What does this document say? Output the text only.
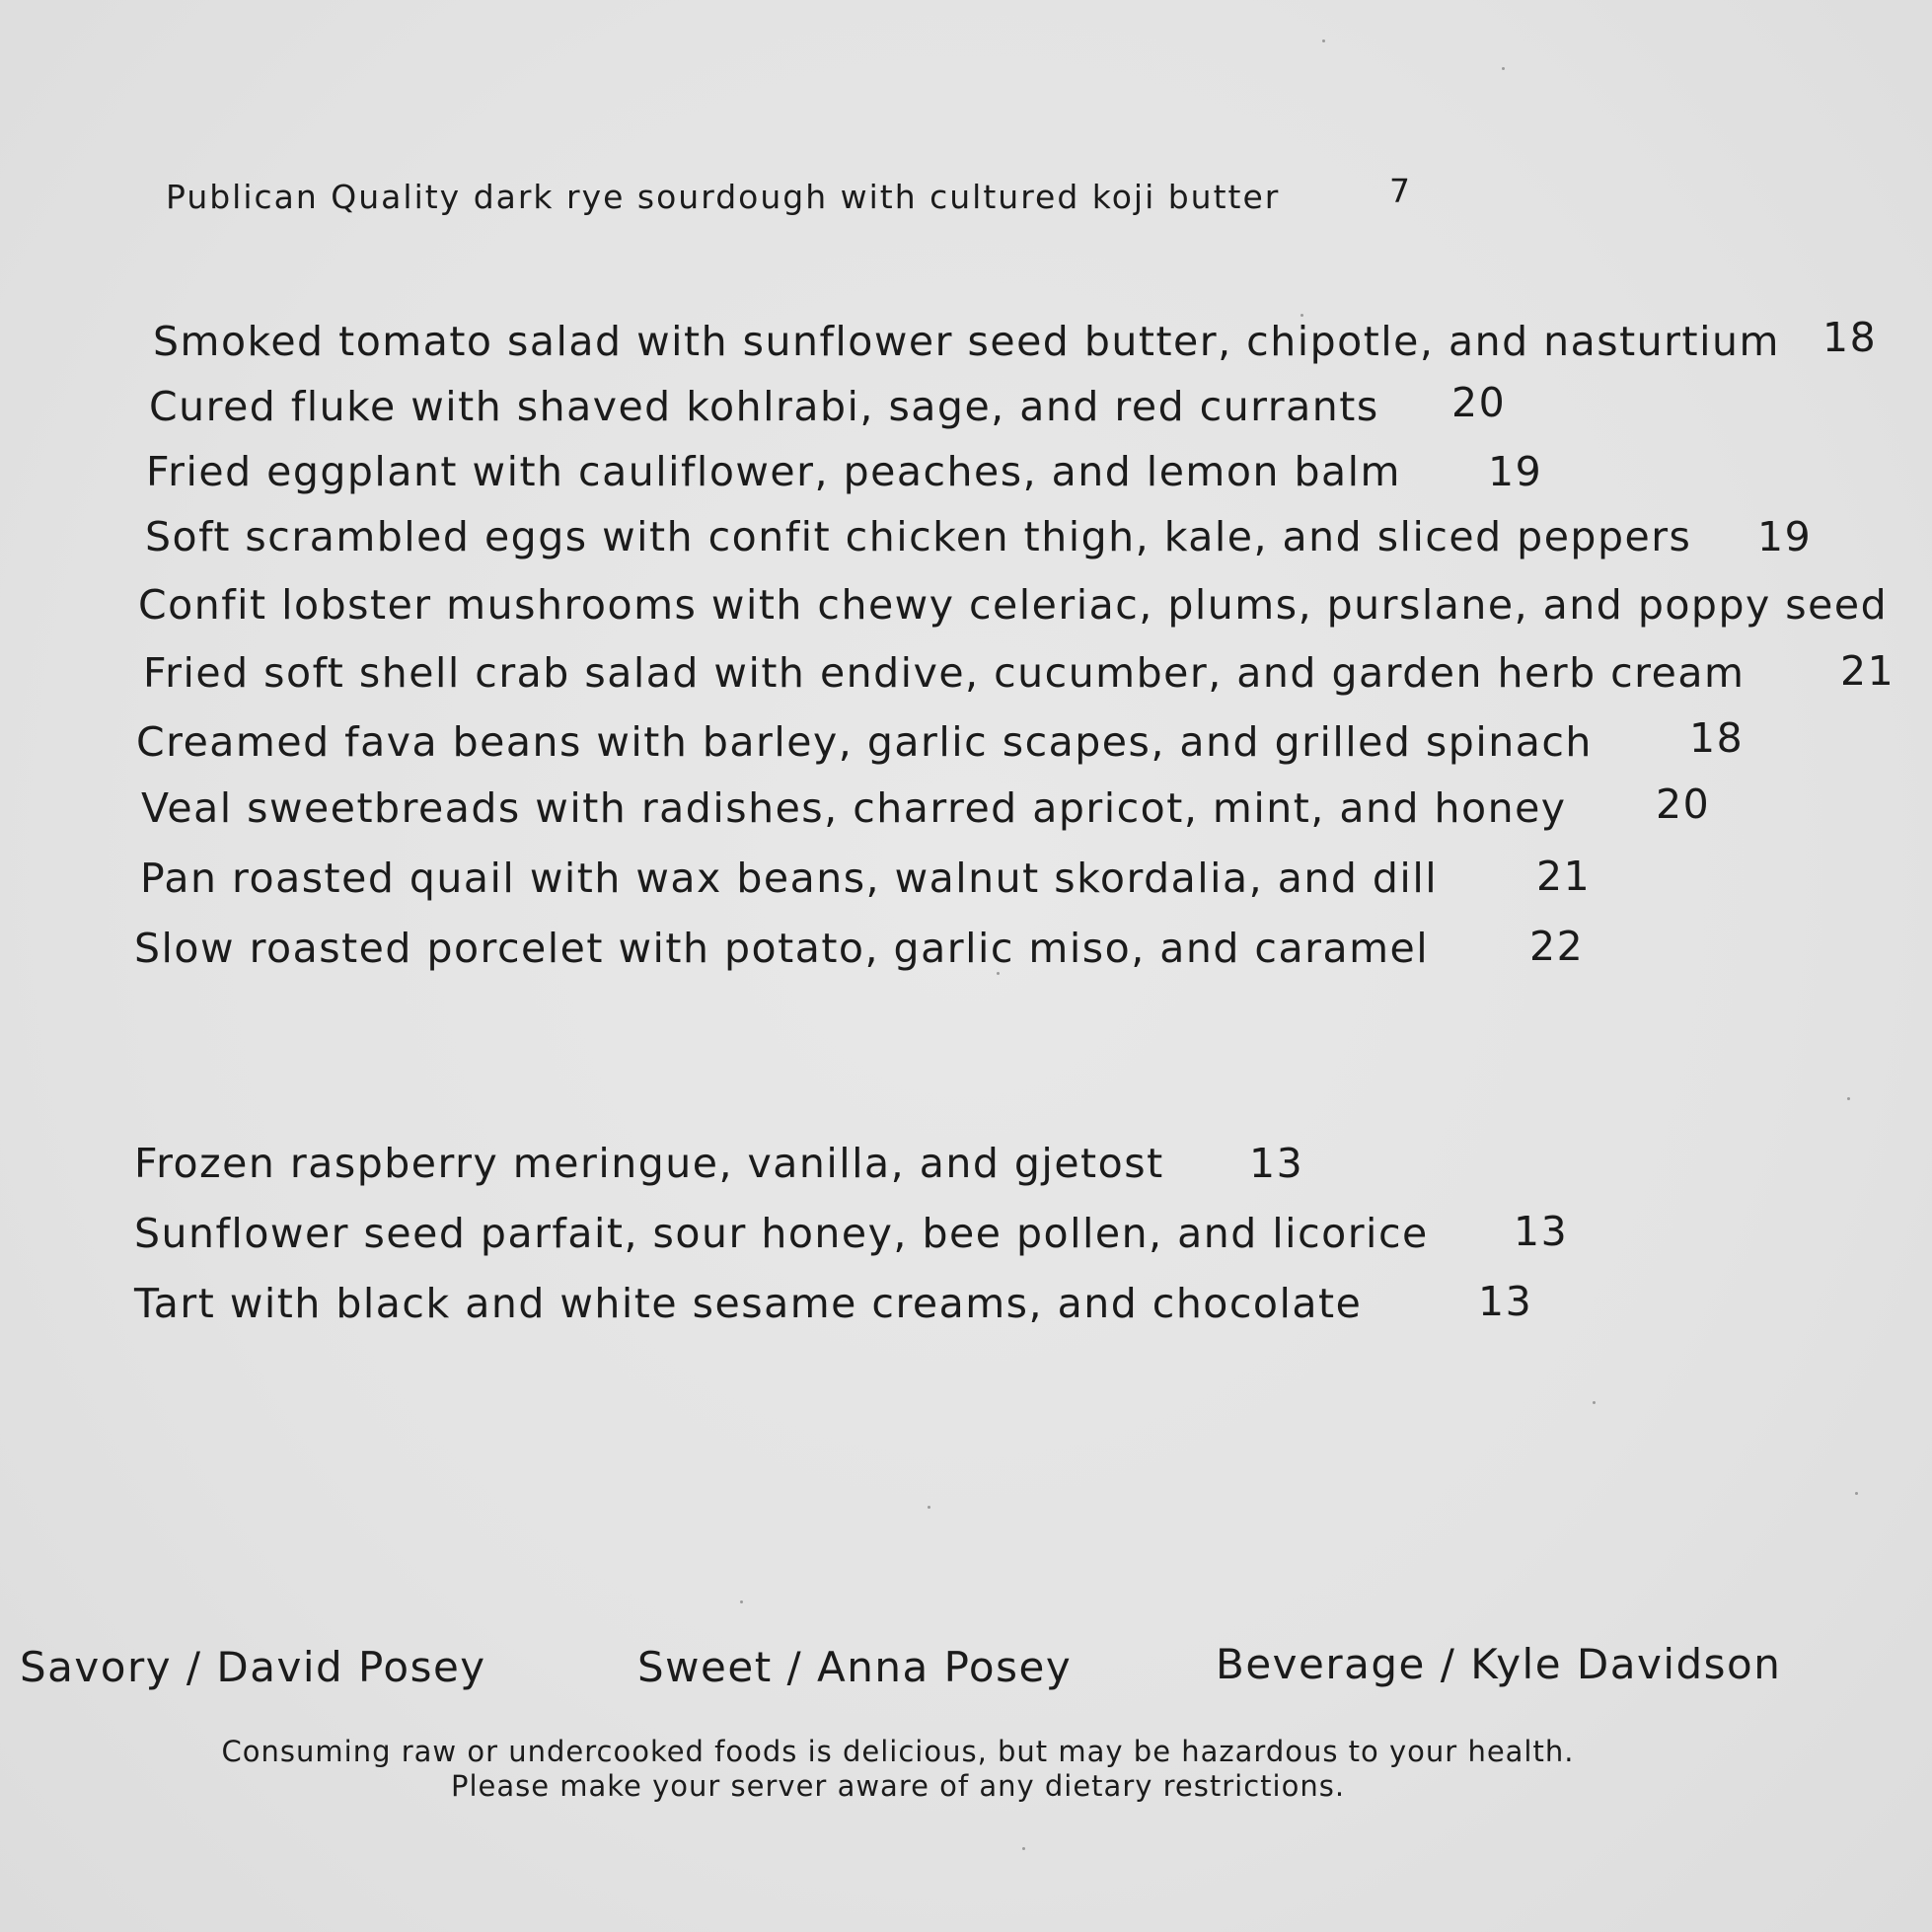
Publican Quality dark rye sourdough with cultured koji butter	7
Smoked tomato salad with sunflower seed butter, chipotle, and nasturtium 18
Cured fluke with shaved kohlrabi, sage, and red currants 20
Fried eggplant with cauliflower, peaches, and lemon balm 19
Soft scrambled eggs with confit chicken thigh, kale, and sliced peppers 19
Confit lobster mushrooms with chewy celeriac, plums, purslane, and poppy seed
Fried soft shell crab salad with endive, cucumber, and garden herb cream 21
Creamed fava beans with barley, garlic scapes, and grilled spinach 18
Veal sweetbreads with radishes, charred apricot, mint, and honey 20
Pan roasted quail with wax beans, walnut skordalia, and dill 21
Slow roasted porcelet with potato, garlic miso, and caramel 22
Frozen raspberry meringue, vanilla, and gjetost 13
Sunflower seed parfait, sour honey, bee pollen, and licorice 13
Tart with black and white sesame creams, and chocolate	13
Savory / David Posey	Sweet / Anna Posey	Beverage / Kyle Davidson
Consuming raw or undercooked foods is delicious, but may be hazardous to your health.
Please make your server aware of any dietary restrictions.
